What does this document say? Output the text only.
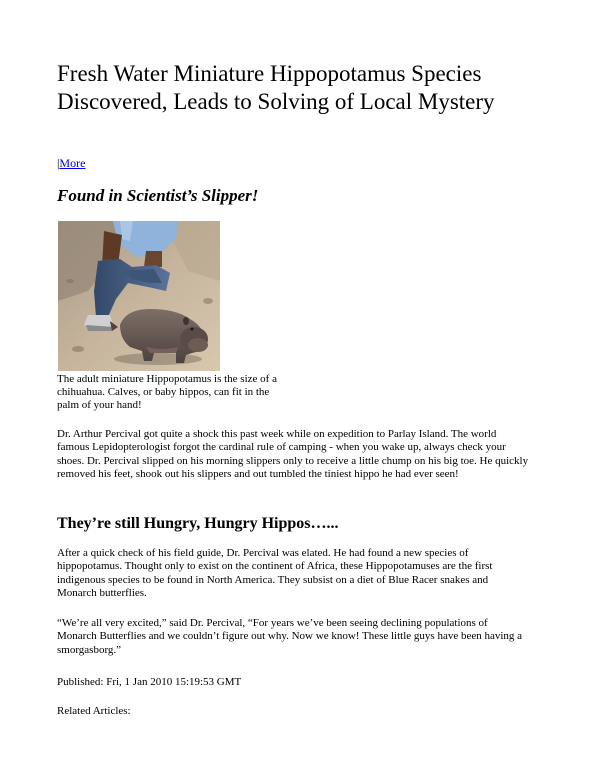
Fresh Water Miniature Hippopotamus Species Discovered, Leads to Solving of Local Mystery
|More
Found in Scientist’s Slipper!
The adult miniature Hippopotamus is the size of a chihuahua. Calves, or baby hippos, can fit in the palm of your hand!

Dr. Arthur Percival got quite a shock this past week while on expedition to Parlay Island. The world famous Lepidopterologist forgot the cardinal rule of camping - when you wake up, always check your shoes. Dr. Percival slipped on his morning slippers only to receive a little chump on his big toe. He quickly removed his feet, shook out his slippers and out tumbled the tiniest hippo he had ever seen!

They’re still Hungry, Hungry Hippos…...

After a quick check of his field guide, Dr. Percival was elated. He had found a new species of hippopotamus. Thought only to exist on the continent of Africa, these Hippopotamuses are the first indigenous species to be found in North America. They subsist on a diet of Blue Racer snakes and Monarch butterflies.

“We’re all very excited,” said Dr. Percival, “For years we’ve been seeing declining populations of Monarch Butterflies and we couldn’t figure out why. Now we know! These little guys have been having a smorgasborg.”

Published: Fri, 1 Jan 2010 15:19:53 GMT
Related Articles:
